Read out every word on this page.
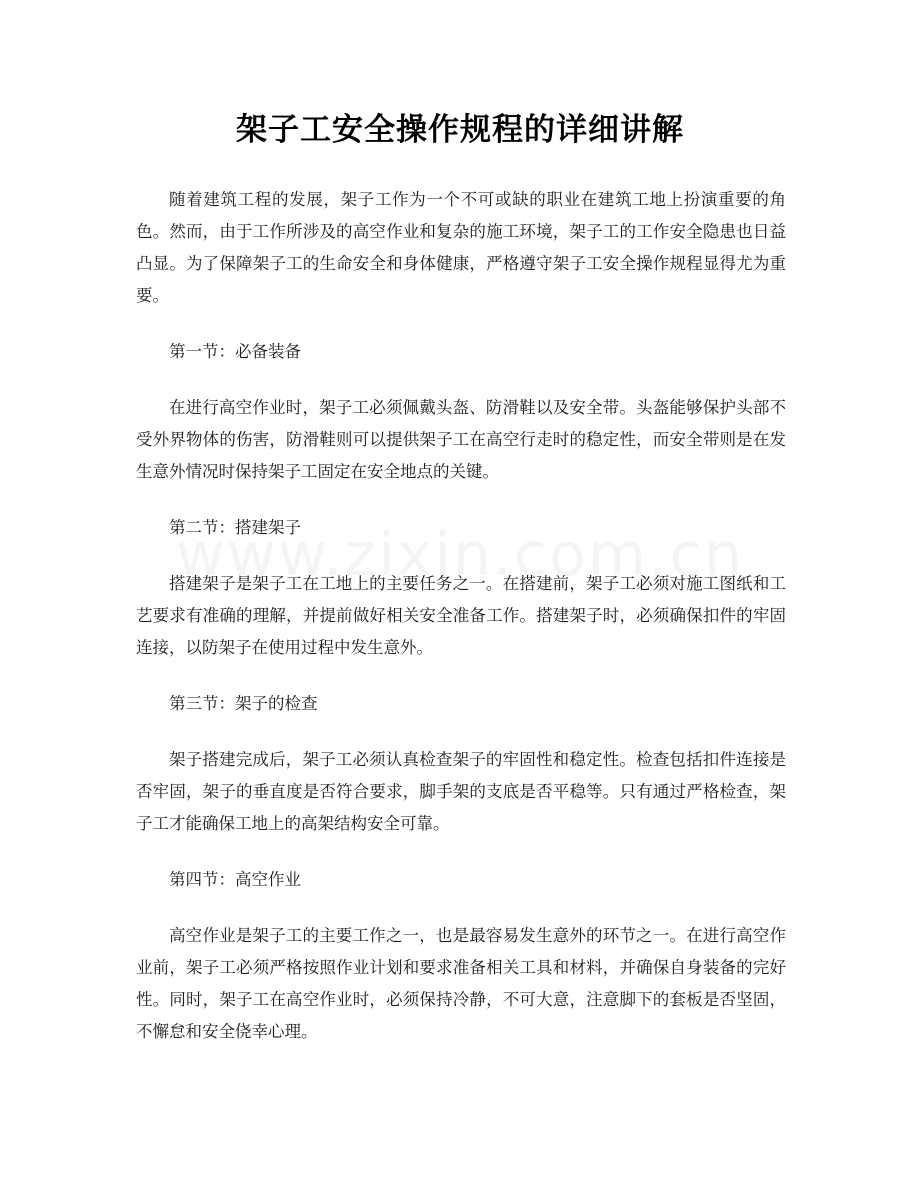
架子工安全操作规程的详细讲解

随着建筑工程的发展，架子工作为一个不可或缺的职业在建筑工地上扮演重要的角色。然而，由于工作所涉及的高空作业和复杂的施工环境，架子工的工作安全隐患也日益凸显。为了保障架子工的生命安全和身体健康，严格遵守架子工安全操作规程显得尤为重要。

第一节：必备装备

在进行高空作业时，架子工必须佩戴头盔、防滑鞋以及安全带。头盔能够保护头部不受外界物体的伤害，防滑鞋则可以提供架子工在高空行走时的稳定性，而安全带则是在发生意外情况时保持架子工固定在安全地点的关键。

第二节：搭建架子

搭建架子是架子工在工地上的主要任务之一。在搭建前，架子工必须对施工图纸和工艺要求有准确的理解，并提前做好相关安全准备工作。搭建架子时，必须确保扣件的牢固连接，以防架子在使用过程中发生意外。

第三节：架子的检查

架子搭建完成后，架子工必须认真检查架子的牢固性和稳定性。检查包括扣件连接是否牢固，架子的垂直度是否符合要求，脚手架的支底是否平稳等。只有通过严格检查，架子工才能确保工地上的高架结构安全可靠。

第四节：高空作业

高空作业是架子工的主要工作之一，也是最容易发生意外的环节之一。在进行高空作业前，架子工必须严格按照作业计划和要求准备相关工具和材料，并确保自身装备的完好性。同时，架子工在高空作业时，必须保持冷静，不可大意，注意脚下的套板是否坚固，不懈怠和安全侥幸心理。
